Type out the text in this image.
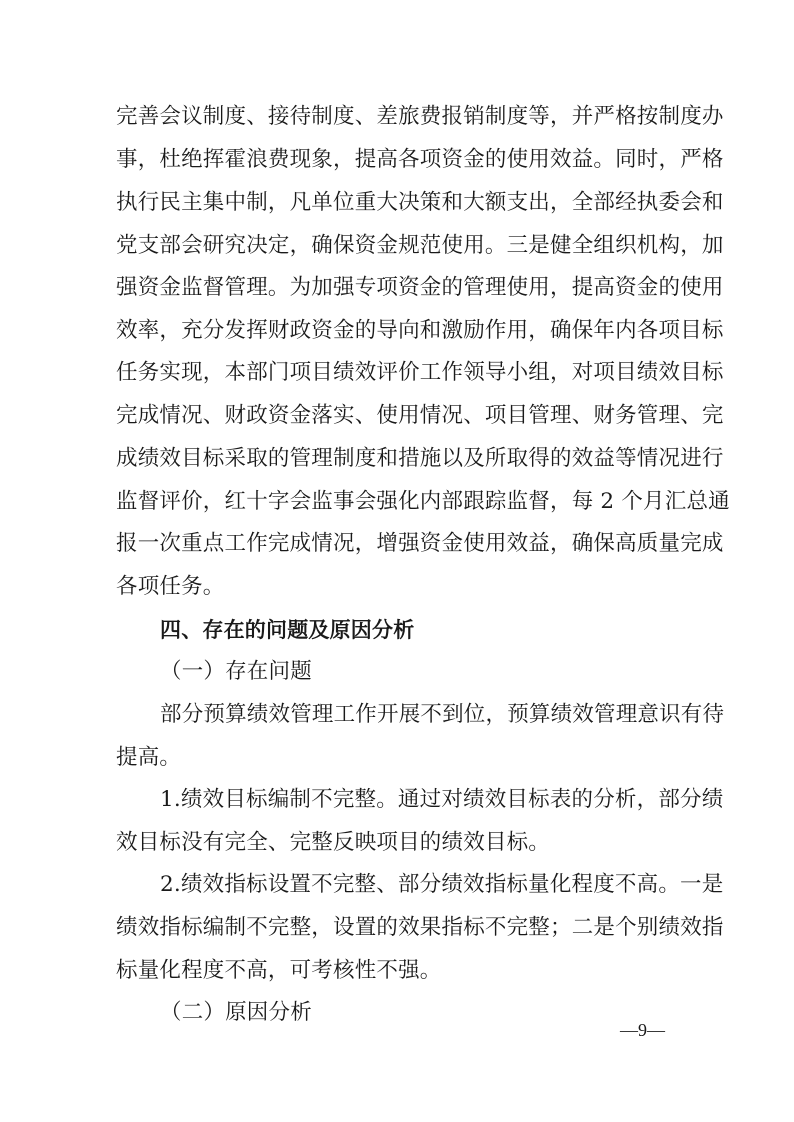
完善会议制度、接待制度、差旅费报销制度等，并严格按制度办
事，杜绝挥霍浪费现象，提高各项资金的使用效益。同时，严格
执行民主集中制，凡单位重大决策和大额支出，全部经执委会和
党支部会研究决定，确保资金规范使用。三是健全组织机构，加
强资金监督管理。为加强专项资金的管理使用，提高资金的使用
效率，充分发挥财政资金的导向和激励作用，确保年内各项目标
任务实现，本部门项目绩效评价工作领导小组，对项目绩效目标
完成情况、财政资金落实、使用情况、项目管理、财务管理、完
成绩效目标采取的管理制度和措施以及所取得的效益等情况进行
监督评价，红十字会监事会强化内部跟踪监督，每 2 个月汇总通
报一次重点工作完成情况，增强资金使用效益，确保高质量完成
各项任务。
四、存在的问题及原因分析
（一）存在问题
部分预算绩效管理工作开展不到位，预算绩效管理意识有待
提高。
1.绩效目标编制不完整。通过对绩效目标表的分析，部分绩
效目标没有完全、完整反映项目的绩效目标。
2.绩效指标设置不完整、部分绩效指标量化程度不高。一是
绩效指标编制不完整，设置的效果指标不完整；二是个别绩效指
标量化程度不高，可考核性不强。
（二）原因分析
—9—
